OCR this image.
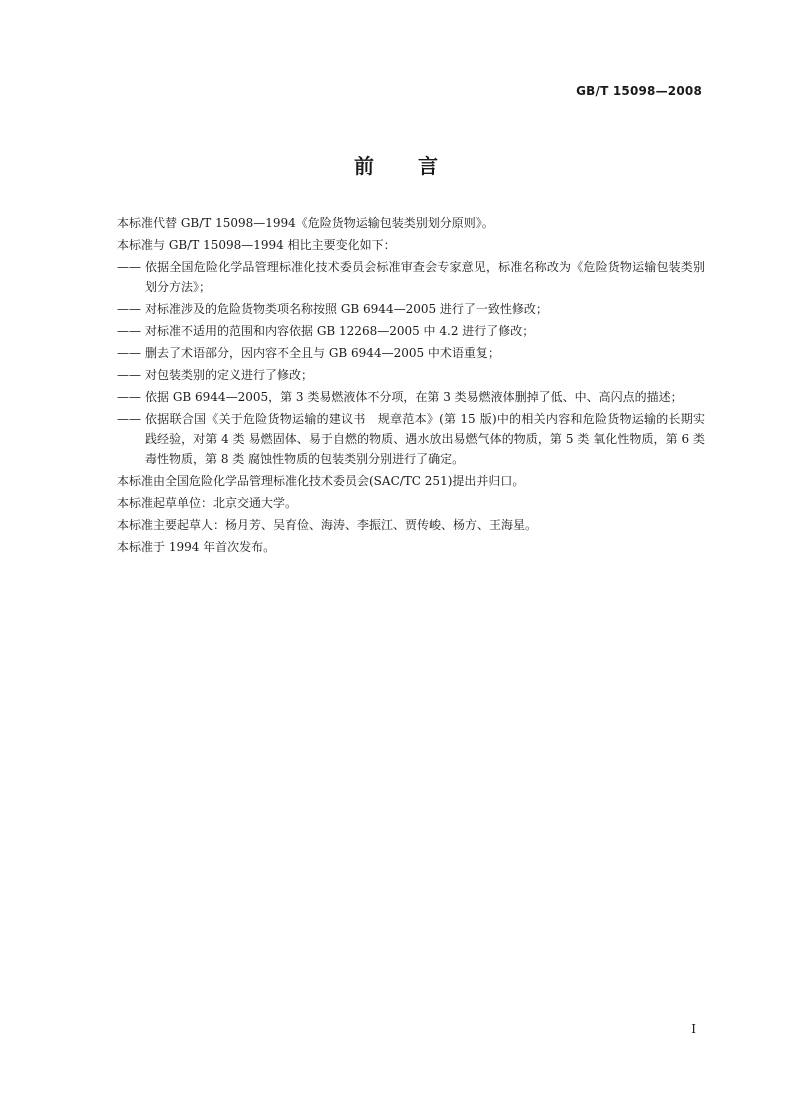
GB/T 15098—2008
前言

本标准代替 GB/T 15098—1994《危险货物运输包装类别划分原则》。

本标准与 GB/T 15098—1994 相比主要变化如下：

—— 依据全国危险化学品管理标准化技术委员会标准审查会专家意见，标准名称改为《危险货物运输包装类别划分方法》；
—— 对标准涉及的危险货物类项名称按照 GB 6944—2005 进行了一致性修改；
—— 对标准不适用的范围和内容依据 GB 12268—2005 中 4.2 进行了修改；
—— 删去了术语部分，因内容不全且与 GB 6944—2005 中术语重复；
—— 对包装类别的定义进行了修改；
—— 依据 GB 6944—2005，第 3 类易燃液体不分项，在第 3 类易燃液体删掉了低、中、高闪点的描述；
—— 依据联合国《关于危险货物运输的建议书　规章范本》(第 15 版)中的相关内容和危险货物运输的长期实践经验，对第 4 类 易燃固体、易于自燃的物质、遇水放出易燃气体的物质，第 5 类 氧化性物质，第 6 类 毒性物质，第 8 类 腐蚀性物质的包装类别分别进行了确定。

本标准由全国危险化学品管理标准化技术委员会(SAC/TC 251)提出并归口。

本标准起草单位：北京交通大学。

本标准主要起草人：杨月芳、吴育俭、海涛、李振江、贾传峻、杨方、王海星。

本标准于 1994 年首次发布。

I
